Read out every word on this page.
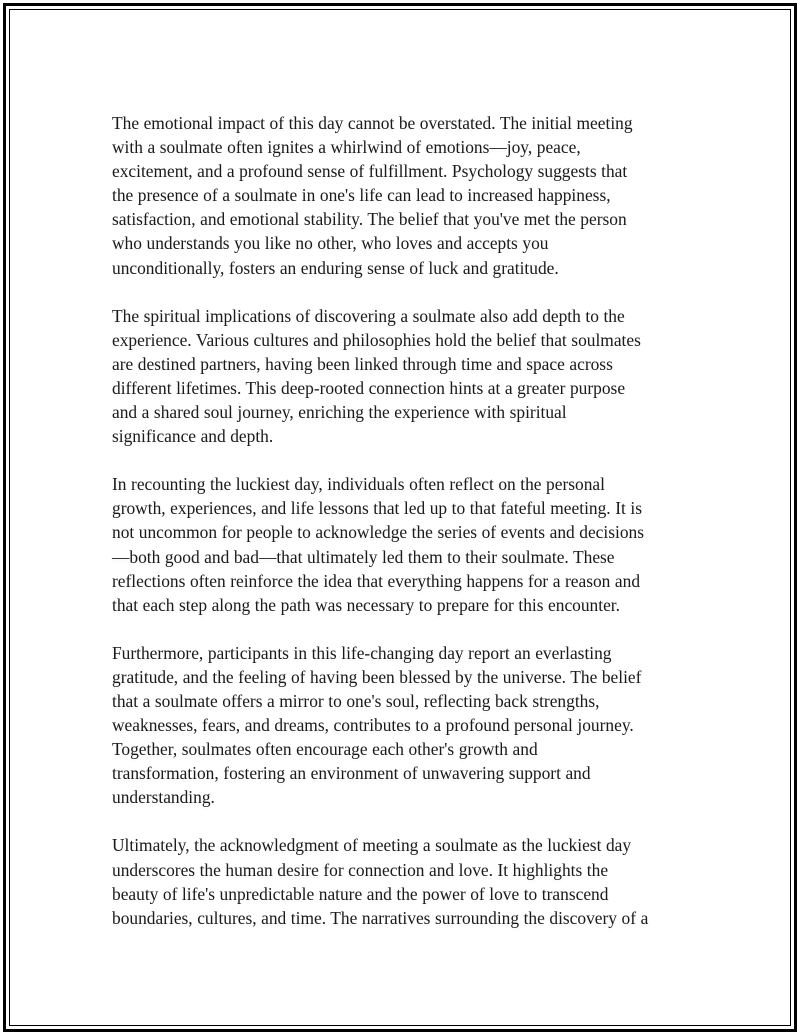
The emotional impact of this day cannot be overstated. The initial meeting
with a soulmate often ignites a whirlwind of emotions—joy, peace,
excitement, and a profound sense of fulfillment. Psychology suggests that
the presence of a soulmate in one's life can lead to increased happiness,
satisfaction, and emotional stability. The belief that you've met the person
who understands you like no other, who loves and accepts you
unconditionally, fosters an enduring sense of luck and gratitude.

The spiritual implications of discovering a soulmate also add depth to the
experience. Various cultures and philosophies hold the belief that soulmates
are destined partners, having been linked through time and space across
different lifetimes. This deep-rooted connection hints at a greater purpose
and a shared soul journey, enriching the experience with spiritual
significance and depth.

In recounting the luckiest day, individuals often reflect on the personal
growth, experiences, and life lessons that led up to that fateful meeting. It is
not uncommon for people to acknowledge the series of events and decisions
—both good and bad—that ultimately led them to their soulmate. These
reflections often reinforce the idea that everything happens for a reason and
that each step along the path was necessary to prepare for this encounter.

Furthermore, participants in this life-changing day report an everlasting
gratitude, and the feeling of having been blessed by the universe. The belief
that a soulmate offers a mirror to one's soul, reflecting back strengths,
weaknesses, fears, and dreams, contributes to a profound personal journey.
Together, soulmates often encourage each other's growth and
transformation, fostering an environment of unwavering support and
understanding.

Ultimately, the acknowledgment of meeting a soulmate as the luckiest day
underscores the human desire for connection and love. It highlights the
beauty of life's unpredictable nature and the power of love to transcend
boundaries, cultures, and time. The narratives surrounding the discovery of a
